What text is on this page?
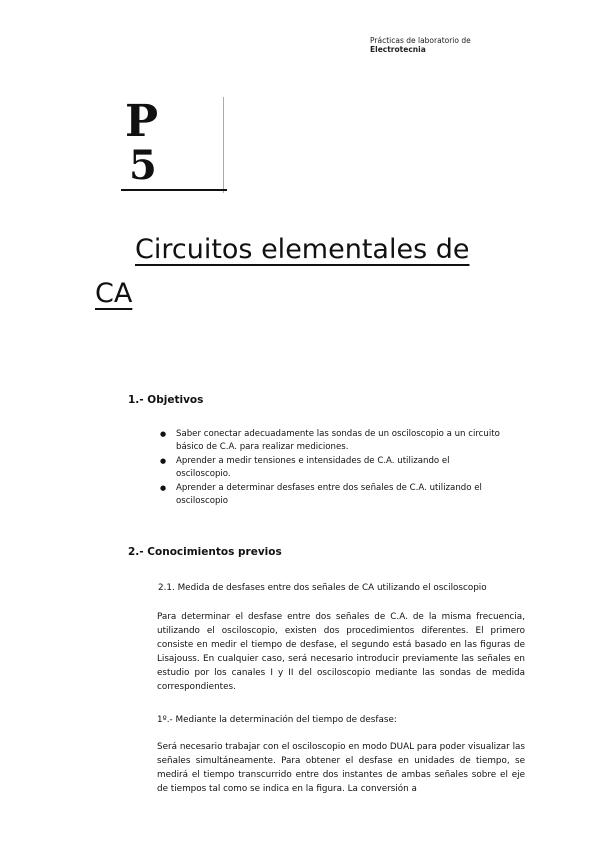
Prácticas de laboratorio de
Electrotecnia
P
5
Circuitos elementales de
CA
1.- Objetivos
● Saber conectar adecuadamente las sondas de un osciloscopio a un circuito básico de C.A. para realizar mediciones.
● Aprender a medir tensiones e intensidades de C.A. utilizando el osciloscopio.
● Aprender a determinar desfases entre dos señales de C.A. utilizando el osciloscopio
2.- Conocimientos previos
2.1. Medida de desfases entre dos señales de CA utilizando el osciloscopio
Para determinar el desfase entre dos señales de C.A. de la misma frecuencia, utilizando el osciloscopio, existen dos procedimientos diferentes. El primero consiste en medir el tiempo de desfase, el segundo está basado en las figuras de Lisajouss. En cualquier caso, será necesario introducir previamente las señales en estudio por los canales I y II del osciloscopio mediante las sondas de medida correspondientes.
1º.- Mediante la determinación del tiempo de desfase:
Será necesario trabajar con el osciloscopio en modo DUAL para poder visualizar las señales simultáneamente. Para obtener el desfase en unidades de tiempo, se medirá el tiempo transcurrido entre dos instantes de ambas señales sobre el eje de tiempos tal como se indica en la figura. La conversión a
